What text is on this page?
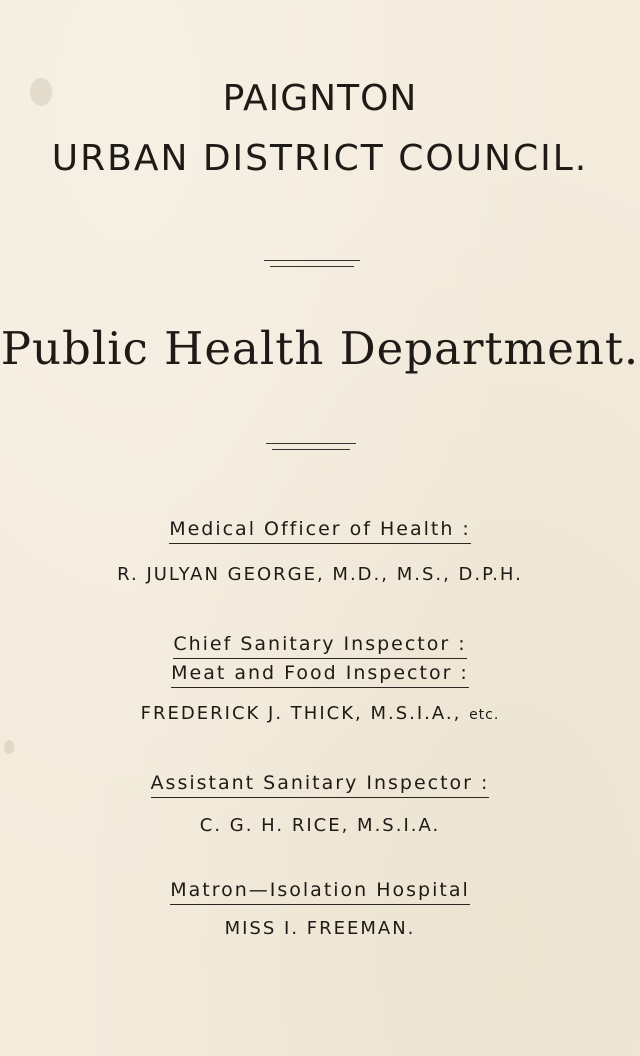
PAIGNTON
URBAN DISTRICT COUNCIL.
Public Health Department.
Medical Officer of Health :
R. JULYAN GEORGE, M.D., M.S., D.P.H.
Chief Sanitary Inspector :
Meat and Food Inspector :
FREDERICK J. THICK, M.S.I.A., etc.
Assistant Sanitary Inspector :
C. G. H. RICE, M.S.I.A.
Matron—Isolation Hospital
MISS I. FREEMAN.
